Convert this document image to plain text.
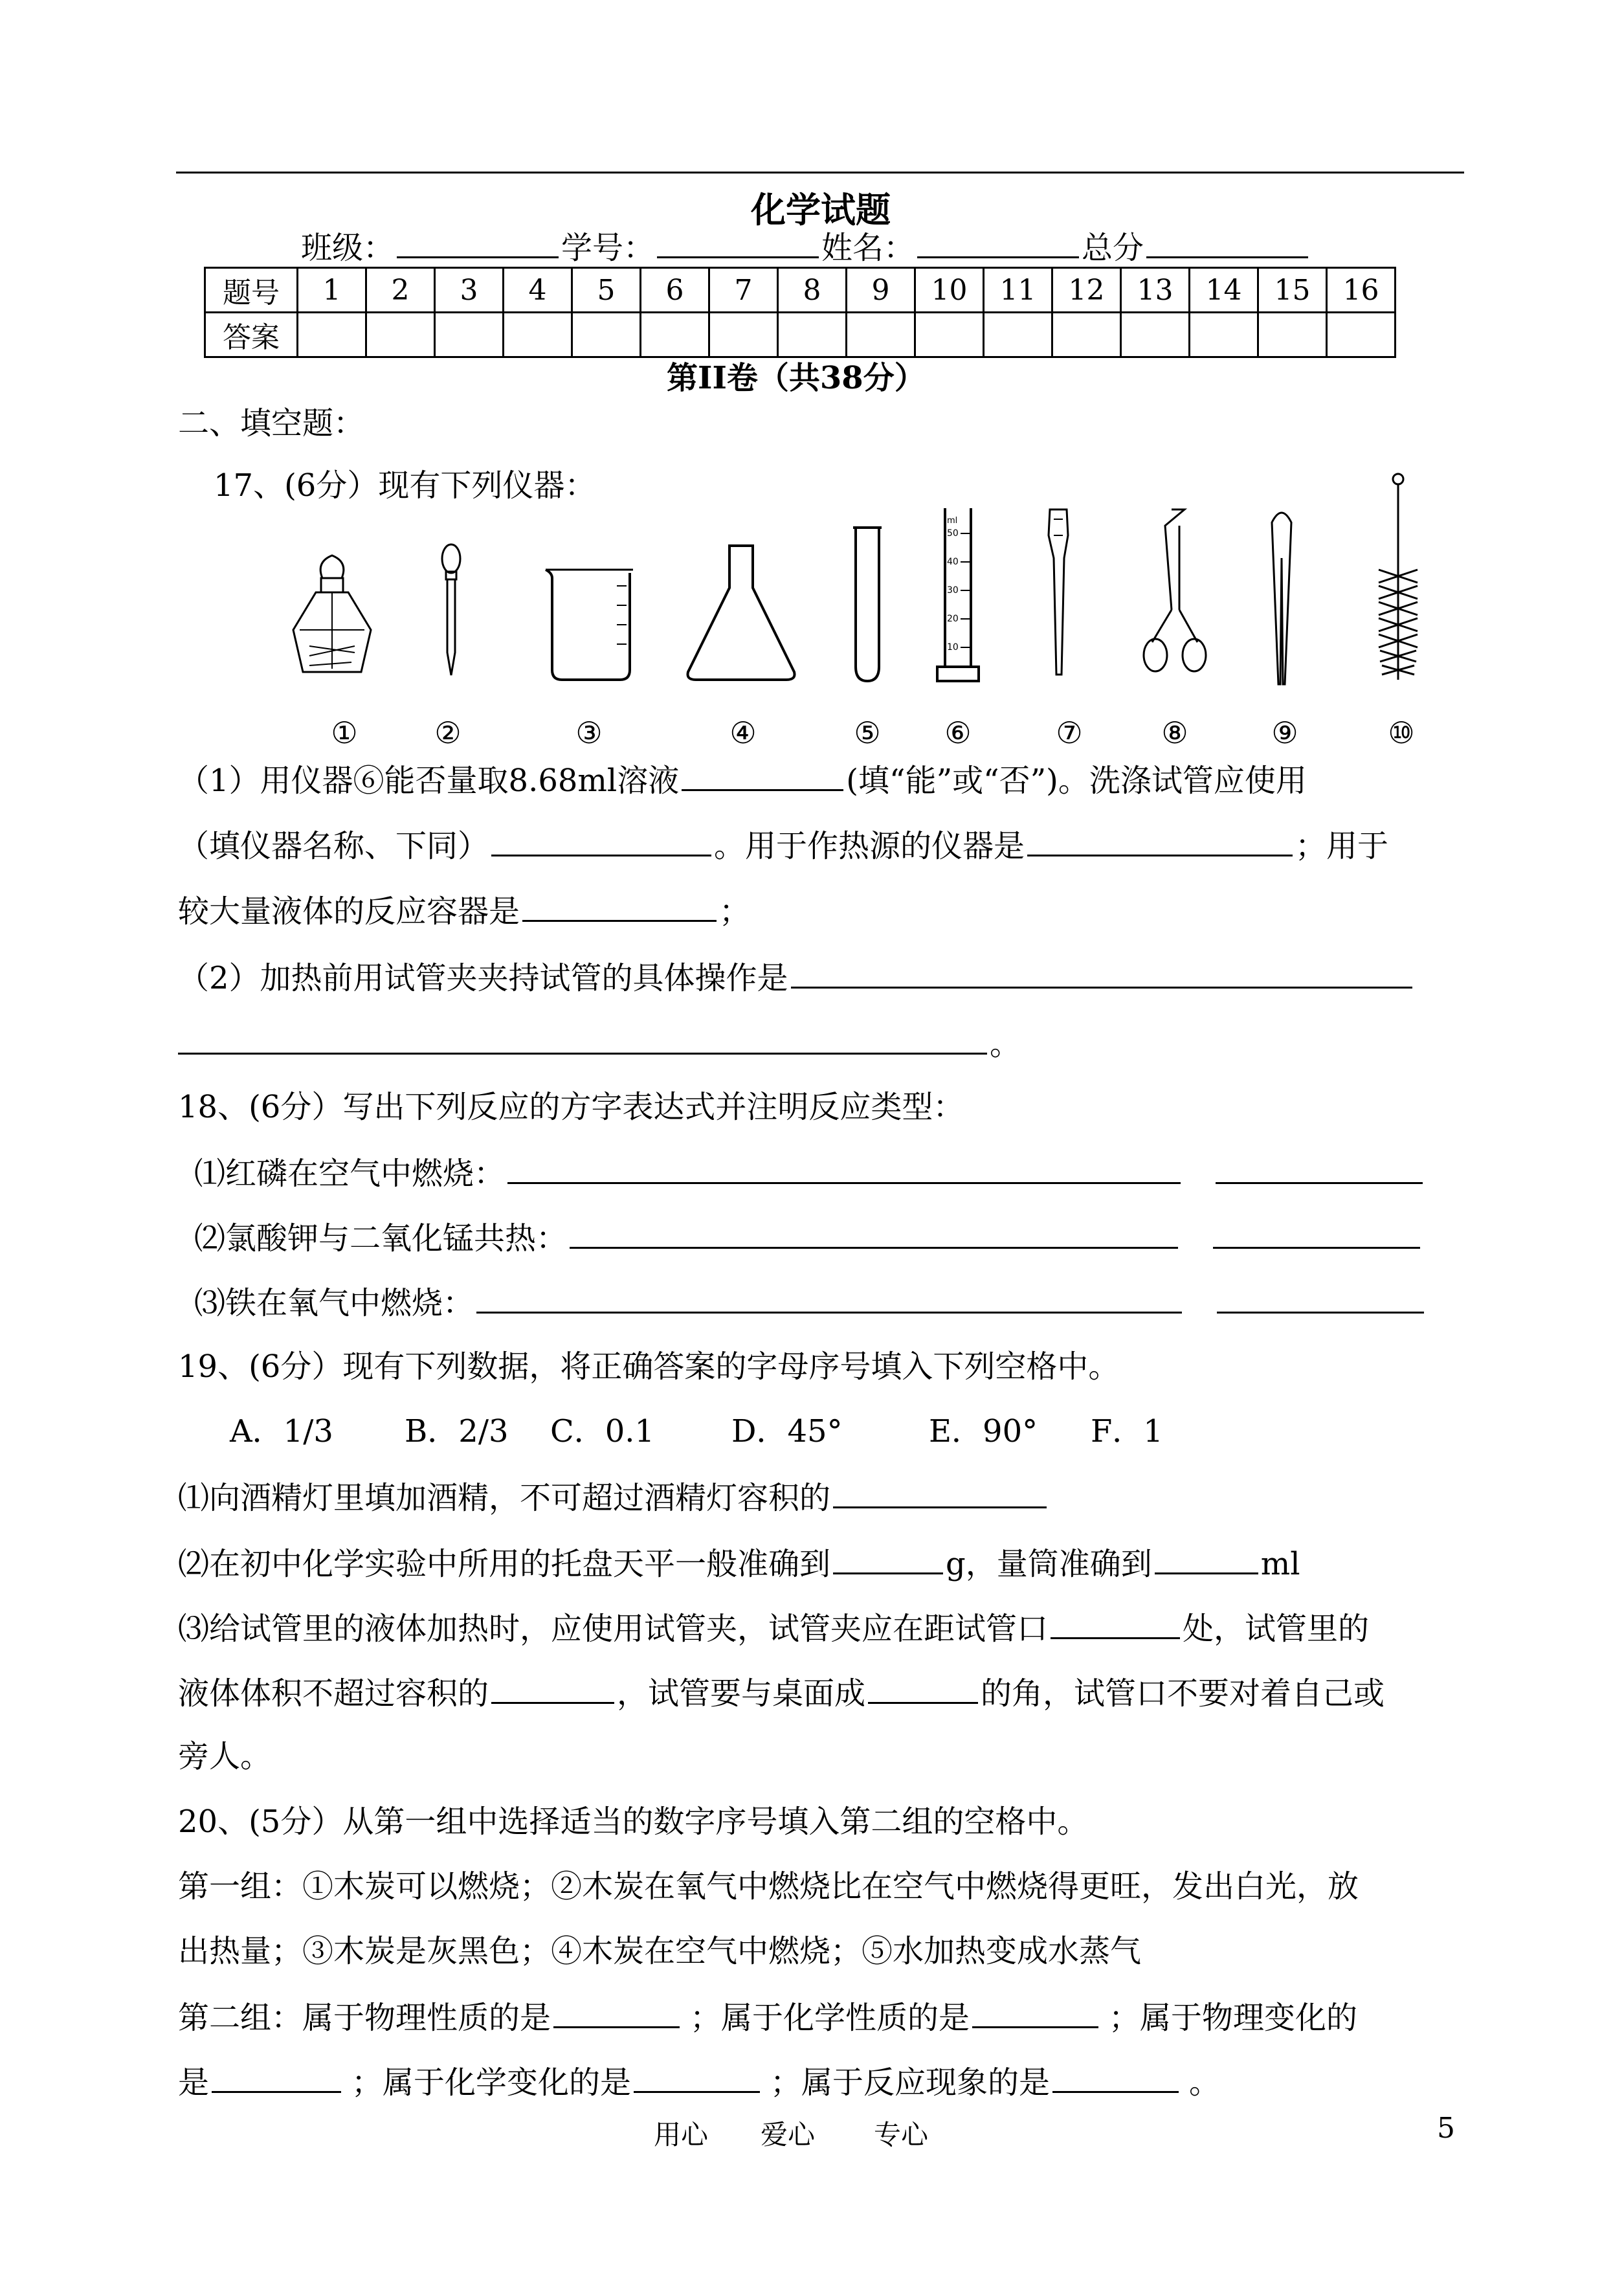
化学试题
班级：	学号：	姓名：	总分
题号	1	2	3	4	5	6	7	8	9	10	11	12	13	14	15	16
答案																
第II卷（共38分）
二、填空题：
17、(6分）现有下列仪器：
ml
50
40
30
20
10
①	②	③	④	⑤	⑥	⑦	⑧	⑨	⑩
（1）用仪器⑥能否量取8.68ml溶液	(填“能”或“否”)。洗涤试管应使用
（填仪器名称、下同）	。用于作热源的仪器是	；用于
较大量液体的反应容器是	；
（2）加热前用试管夹夹持试管的具体操作是
。
18、(6分）写出下列反应的方字表达式并注明反应类型：
⑴红磷在空气中燃烧：
⑵氯酸钾与二氧化锰共热：
⑶铁在氧气中燃烧：
19、(6分）现有下列数据，将正确答案的字母序号填入下列空格中。
A．1/3 B．2/3 C．0.1 D．45°	E．90° F．1
⑴向酒精灯里填加酒精，不可超过酒精灯容积的
⑵在初中化学实验中所用的托盘天平一般准确到	g，量筒准确到	ml
⑶给试管里的液体加热时，应使用试管夹，试管夹应在距试管口	处，试管里的
液体体积不超过容积的	，试管要与桌面成	的角，试管口不要对着自己或
旁人。
20、(5分）从第一组中选择适当的数字序号填入第二组的空格中。
第一组：①木炭可以燃烧；②木炭在氧气中燃烧比在空气中燃烧得更旺，发出白光，放
出热量；③木炭是灰黑色；④木炭在空气中燃烧；⑤水加热变成水蒸气
第二组：属于物理性质的是	；属于化学性质的是	；属于物理变化的
是	；属于化学变化的是	；属于反应现象的是	。
用心 爱心 专心	5
